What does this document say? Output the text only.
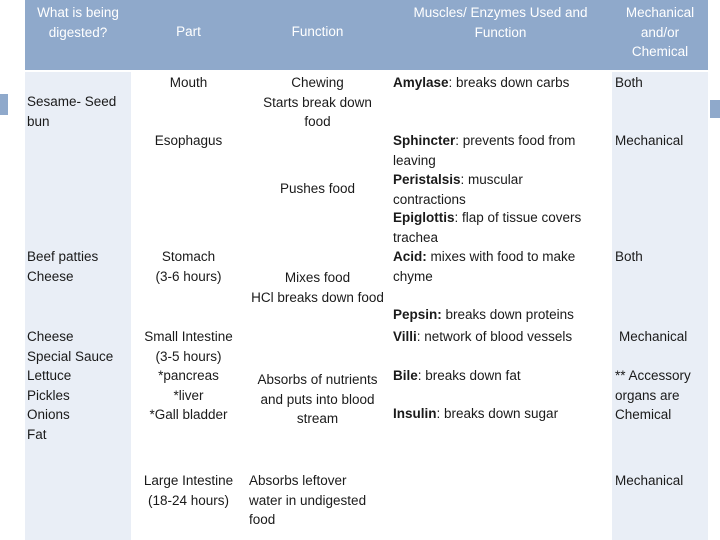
What is being digested?	Part	Function
Muscles/ Enzymes Used and Function
Mechanical and/or Chemical
Sesame- Seed bun
Beef patties
Cheese
Cheese
Special Sauce
Lettuce
Pickles
Onions
Fat
Mouth
Esophagus
Stomach
(3-6 hours)
Small Intestine
(3-5 hours)
*pancreas
*liver
*Gall bladder
Large Intestine
(18-24 hours)
Chewing
Starts break down
food
Pushes food
Mixes food
HCl breaks down food
Absorbs of nutrients
and puts into blood
stream
Absorbs leftover
water in undigested
food
Amylase: breaks down carbs
Sphincter: prevents food from leaving
Peristalsis: muscular contractions
Epiglottis: flap of tissue covers trachea
Acid: mixes with food to make chyme
Pepsin: breaks down proteins
Villi: network of blood vessels
Bile: breaks down fat
Insulin: breaks down sugar
Both
Mechanical
Both
Mechanical
** Accessory
organs are
Chemical
Mechanical
